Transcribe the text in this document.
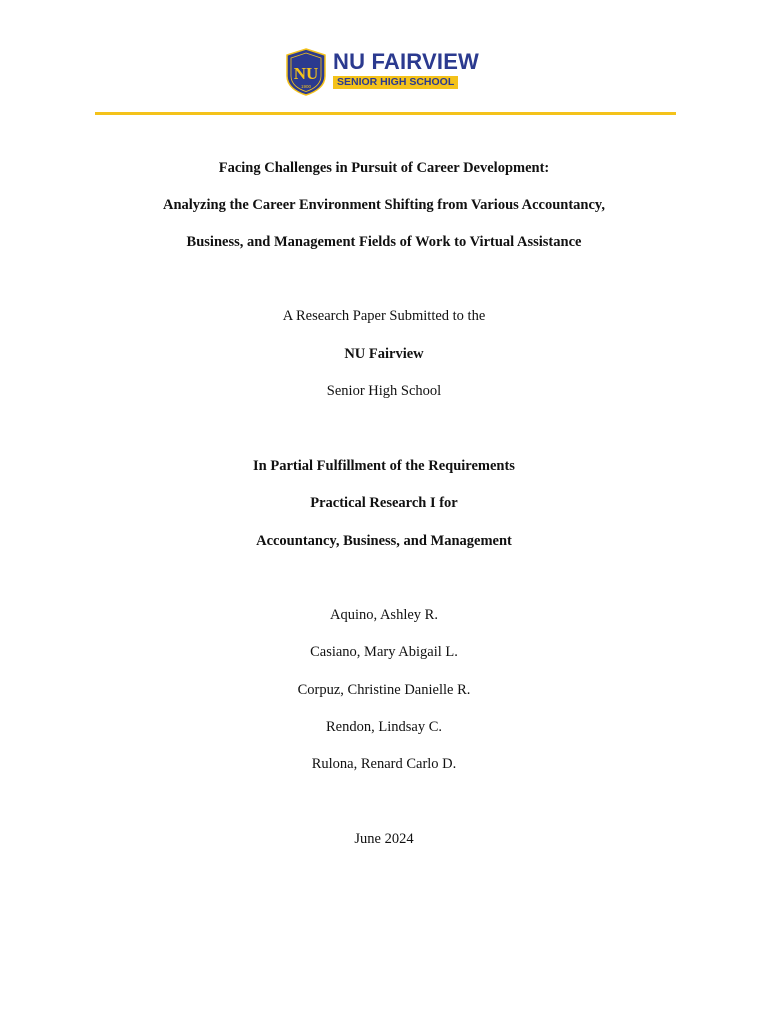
NU
1900
NU FAIRVIEW
SENIOR HIGH SCHOOL
Facing Challenges in Pursuit of Career Development:
Analyzing the Career Environment Shifting from Various Accountancy,
Business, and Management Fields of Work to Virtual Assistance
A Research Paper Submitted to the
NU Fairview
Senior High School
In Partial Fulfillment of the Requirements
Practical Research I for
Accountancy, Business, and Management
Aquino, Ashley R.
Casiano, Mary Abigail L.
Corpuz, Christine Danielle R.
Rendon, Lindsay C.
Rulona, Renard Carlo D.
June 2024
